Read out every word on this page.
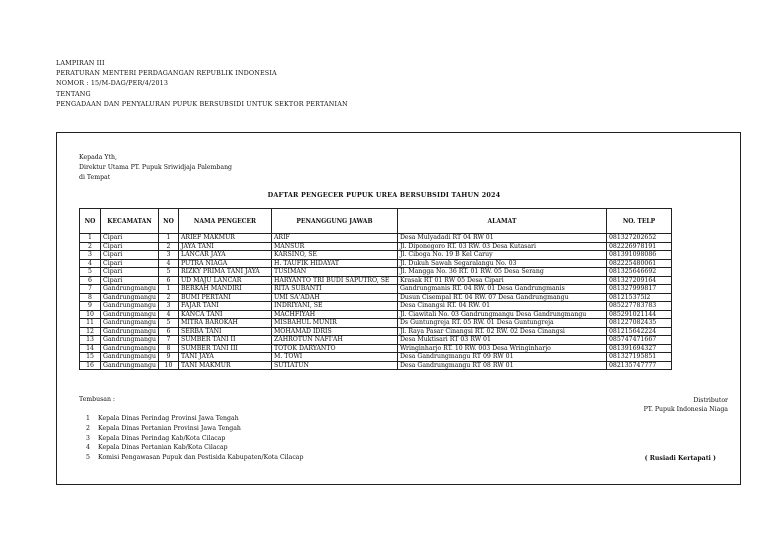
LAMPIRAN III
PERATURAN MENTERI PERDAGANGAN REPUBLIK INDONESIA
NOMOR : 15/M-DAG/PER/4/2013
TENTANG
PENGADAAN DAN PENYALURAN PUPUK BERSUBSIDI UNTUK SEKTOR PERTANIAN
Kepada Yth,
Direktur Utama PT. Pupuk Sriwidjaja Palembang
di Tempat
DAFTAR PENGECER PUPUK UREA BERSUBSIDI TAHUN 2024
NO	KECAMATAN	NO	NAMA PENGECER	PENANGGUNG JAWAB	ALAMAT	NO. TELP
1	Cipari	1	ARIEF MAKMUR	ARIF	Desa Mulyadadi RT 04 RW 01	081327202652
2	Cipari	2	JAYA TANI	MANSUR	Jl. Diponegoro RT. 03 RW. 03 Desa Kutasari	082226978191
3	Cipari	3	LANCAR JAYA	KARSINO, SE	Jl. Ciboga No. 19 B Kel Caruy	081391098086
4	Cipari	4	PUTRA NIAGA	H. TAUFIK HIDAYAT	Jl. Dukuh Sawah Segaralangu No. 03	082225480061
5	Cipari	5	RIZKY PRIMA TANI JAYA	TUSIMAN	Jl. Mangga No. 36 RT. 01 RW. 05 Desa Serang	081325646692
6	Cipari	6	UD MAJU LANCAR	HARYANTO TRI BUDI SAPUTRO, SE	Krasak RT 01 RW 05 Desa Cipari	081327209164
7	Gandrungmangu	1	BERKAH MANDIRI	RITA SUBANTI	Gandrungmanis RT. 04 RW. 01 Desa Gandrungmanis	081327999817
8	Gandrungmangu	2	BUMI PERTANI	UMI SA'ADAH	Dusun Cisempal RT. 04 RW. 07 Desa Gandrungmangu	081215375l2
9	Gandrungmangu	3	FAJAR TANI	INDRIYANI, SE	Desa Cinangsi RT. 04 RW. 01	085227783783
10	Gandrungmangu	4	KANCA TANI	MACHFIYAH	Jl. Ciawitali No. 03 Gandrungmangu Desa Gandrungmangu	085291021144
11	Gandrungmangu	5	MITRA BAROKAH	MISBAHUL MUNIR	Ds Guntungreja RT. 05 RW. 01 Desa Guntungreja	081227082435
12	Gandrungmangu	6	SERBA TANI	MOHAMAD IDRIS	Jl. Raya Pasar Cinangsi RT. 02 RW. 02 Desa Cinangsi	081215642224
13	Gandrungmangu	7	SUMBER TANI II	ZAHROTUN NAFI'AH	Desa Muktisari RT 03 RW 01	085747471667
14	Gandrungmangu	8	SUMBER TANI III	TOTOK DARYANTO	Wringinharjo RT. 10 RW. 003 Desa Wringinharjo	081391694327
15	Gandrungmangu	9	TANI JAYA	M. TOWI	Desa Gandrungmangu RT 09 RW 01	081327195851
16	Gandrungmangu	10	TANI MAKMUR	SUTIATUN	Desa Gandrungmangu RT 08 RW 01	082135747777
Tembusan :
1 Kepala Dinas Perindag Provinsi Jawa Tengah
2 Kepala Dinas Pertanian Provinsi Jawa Tengah
3 Kepala Dinas Perindag Kab/Kota Cilacap
4 Kepala Dinas Pertanian Kab/Kota Cilacap
5 Komisi Pengawasan Pupuk dan Pestisida Kabupaten/Kota Cilacap
Distributor
PT. Pupuk Indonesia Niaga
( Rusiadi Kertapati )
